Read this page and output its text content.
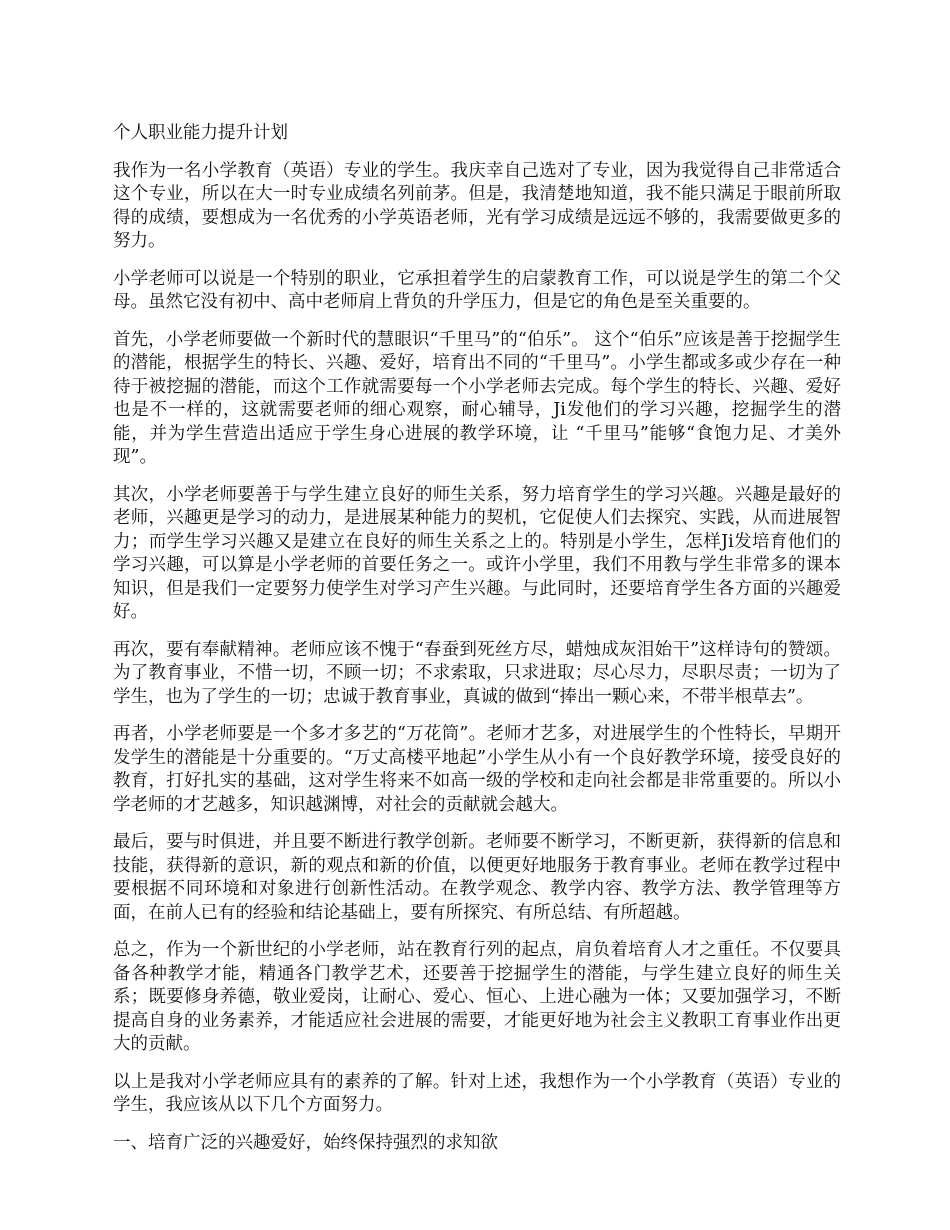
个人职业能力提升计划

我作为一名小学教育（英语）专业的学生。我庆幸自己选对了专业，因为我觉得自己非常适合这个专业，所以在大一时专业成绩名列前茅。但是，我清楚地知道，我不能只满足于眼前所取得的成绩，要想成为一名优秀的小学英语老师，光有学习成绩是远远不够的，我需要做更多的努力。

小学老师可以说是一个特别的职业，它承担着学生的启蒙教育工作，可以说是学生的第二个父母。虽然它没有初中、高中老师肩上背负的升学压力，但是它的角色是至关重要的。

首先，小学老师要做一个新时代的慧眼识“千里马”的“伯乐”。 这个“伯乐”应该是善于挖掘学生的潜能，根据学生的特长、兴趣、爱好，培育出不同的“千里马”。小学生都或多或少存在一种待于被挖掘的潜能，而这个工作就需要每一个小学老师去完成。每个学生的特长、兴趣、爱好也是不一样的，这就需要老师的细心观察，耐心辅导，Ji发他们的学习兴趣，挖掘学生的潜能，并为学生营造出适应于学生身心进展的教学环境，让 “千里马”能够“食饱力足、才美外现”。

其次，小学老师要善于与学生建立良好的师生关系，努力培育学生的学习兴趣。兴趣是最好的老师，兴趣更是学习的动力，是进展某种能力的契机，它促使人们去探究、实践，从而进展智力；而学生学习兴趣又是建立在良好的师生关系之上的。特别是小学生，怎样Ji发培育他们的学习兴趣，可以算是小学老师的首要任务之一。或许小学里，我们不用教与学生非常多的课本知识，但是我们一定要努力使学生对学习产生兴趣。与此同时，还要培育学生各方面的兴趣爱好。

再次，要有奉献精神。老师应该不愧于“春蚕到死丝方尽，蜡烛成灰泪始干”这样诗句的赞颂。为了教育事业，不惜一切，不顾一切；不求索取，只求进取；尽心尽力，尽职尽责；一切为了学生，也为了学生的一切；忠诚于教育事业，真诚的做到“捧出一颗心来，不带半根草去”。

再者，小学老师要是一个多才多艺的“万花筒”。老师才艺多，对进展学生的个性特长，早期开发学生的潜能是十分重要的。“万丈高楼平地起”小学生从小有一个良好教学环境，接受良好的教育，打好扎实的基础，这对学生将来不如高一级的学校和走向社会都是非常重要的。所以小学老师的才艺越多，知识越渊博，对社会的贡献就会越大。

最后，要与时俱进，并且要不断进行教学创新。老师要不断学习，不断更新，获得新的信息和技能，获得新的意识，新的观点和新的价值，以便更好地服务于教育事业。老师在教学过程中要根据不同环境和对象进行创新性活动。在教学观念、教学内容、教学方法、教学管理等方面，在前人已有的经验和结论基础上，要有所探究、有所总结、有所超越。

总之，作为一个新世纪的小学老师，站在教育行列的起点，肩负着培育人才之重任。不仅要具备各种教学才能，精通各门教学艺术，还要善于挖掘学生的潜能，与学生建立良好的师生关系；既要修身养德，敬业爱岗，让耐心、爱心、恒心、上进心融为一体；又要加强学习，不断提高自身的业务素养，才能适应社会进展的需要，才能更好地为社会主义教职工育事业作出更大的贡献。

以上是我对小学老师应具有的素养的了解。针对上述，我想作为一个小学教育（英语）专业的学生，我应该从以下几个方面努力。

一、培育广泛的兴趣爱好，始终保持强烈的求知欲
